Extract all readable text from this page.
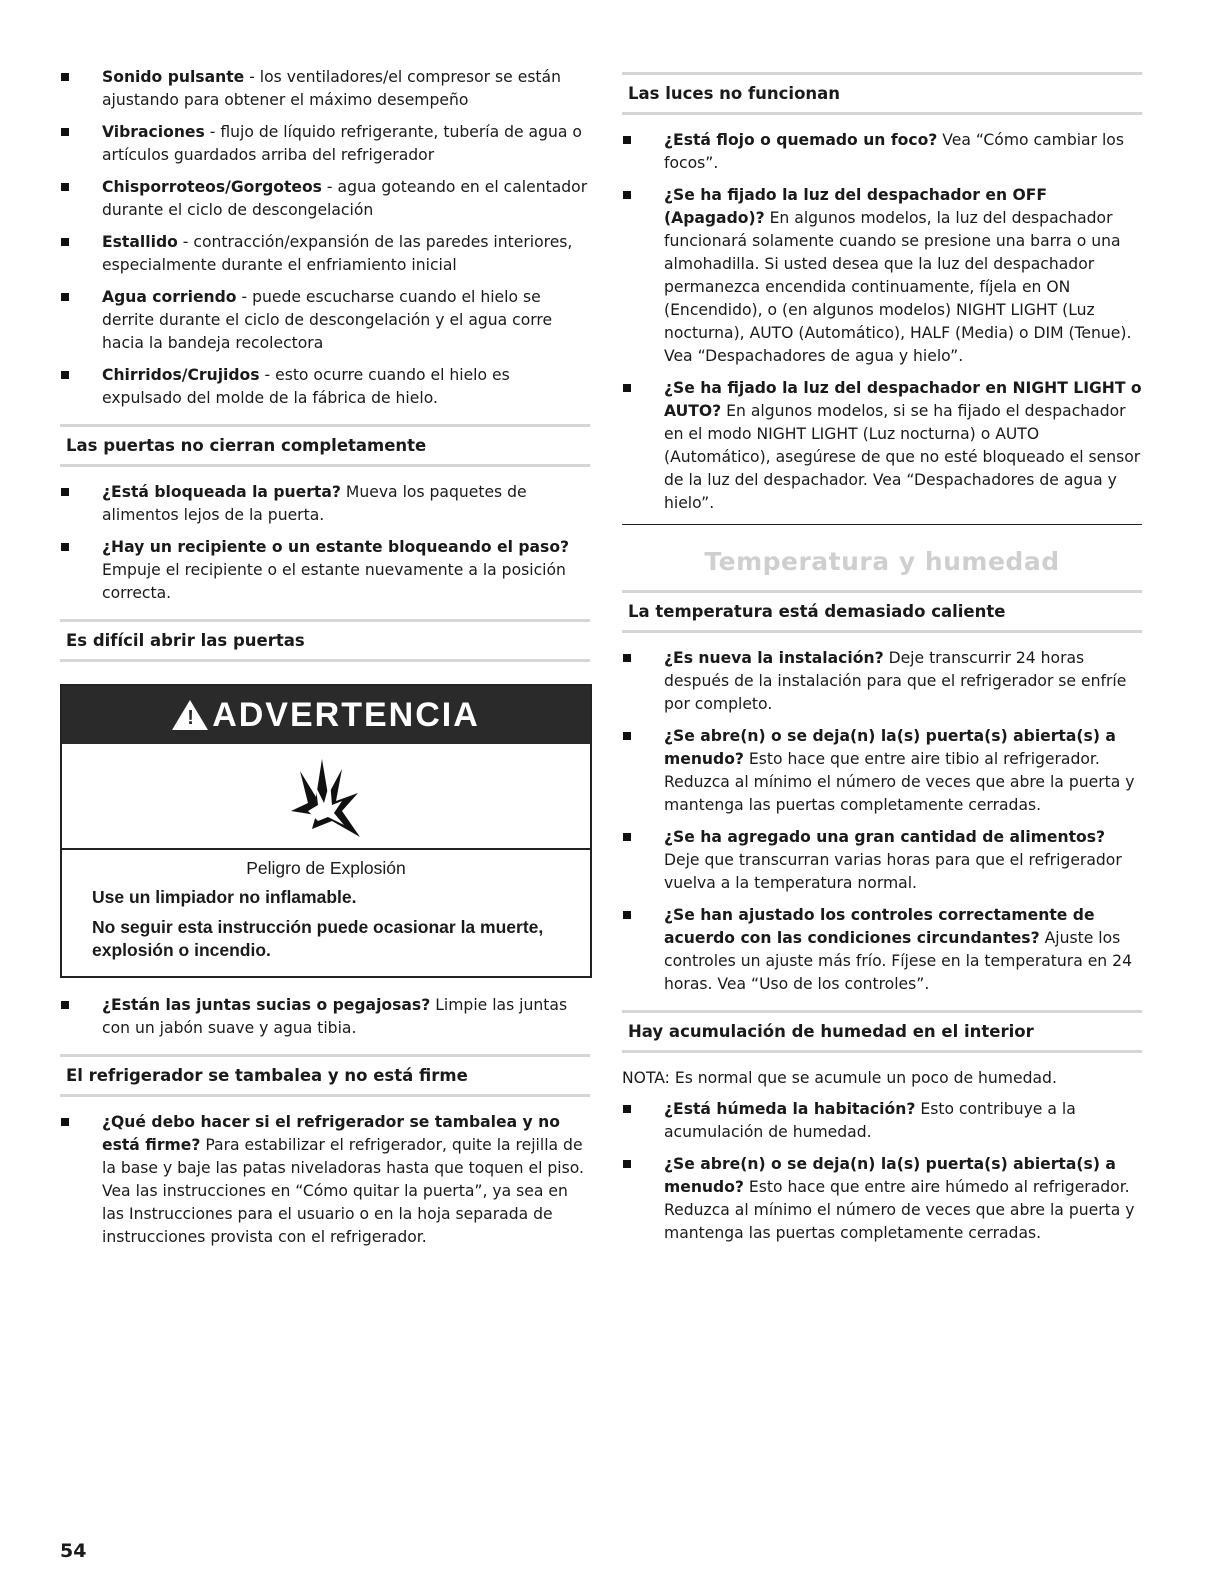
Sonido pulsante - los ventiladores/el compresor se están ajustando para obtener el máximo desempeño
Vibraciones - flujo de líquido refrigerante, tubería de agua o artículos guardados arriba del refrigerador
Chisporroteos/Gorgoteos - agua goteando en el calentador durante el ciclo de descongelación
Estallido - contracción/expansión de las paredes interiores, especialmente durante el enfriamiento inicial
Agua corriendo - puede escucharse cuando el hielo se derrite durante el ciclo de descongelación y el agua corre hacia la bandeja recolectora
Chirridos/Crujidos - esto ocurre cuando el hielo es expulsado del molde de la fábrica de hielo.
Las puertas no cierran completamente
¿Está bloqueada la puerta? Mueva los paquetes de alimentos lejos de la puerta.
¿Hay un recipiente o un estante bloqueando el paso? Empuje el recipiente o el estante nuevamente a la posición correcta.
Es difícil abrir las puertas
! ADVERTENCIA
Peligro de Explosión
Use un limpiador no inflamable.
No seguir esta instrucción puede ocasionar la muerte, explosión o incendio.
¿Están las juntas sucias o pegajosas? Limpie las juntas con un jabón suave y agua tibia.
El refrigerador se tambalea y no está firme
¿Qué debo hacer si el refrigerador se tambalea y no está firme? Para estabilizar el refrigerador, quite la rejilla de la base y baje las patas niveladoras hasta que toquen el piso. Vea las instrucciones en “Cómo quitar la puerta”, ya sea en las Instrucciones para el usuario o en la hoja separada de instrucciones provista con el refrigerador.
Las luces no funcionan
¿Está flojo o quemado un foco? Vea “Cómo cambiar los focos”.
¿Se ha fijado la luz del despachador en OFF (Apagado)? En algunos modelos, la luz del despachador funcionará solamente cuando se presione una barra o una almohadilla. Si usted desea que la luz del despachador permanezca encendida continuamente, fíjela en ON (Encendido), o (en algunos modelos) NIGHT LIGHT (Luz nocturna), AUTO (Automático), HALF (Media) o DIM (Tenue). Vea “Despachadores de agua y hielo”.
¿Se ha fijado la luz del despachador en NIGHT LIGHT o AUTO? En algunos modelos, si se ha fijado el despachador en el modo NIGHT LIGHT (Luz nocturna) o AUTO (Automático), asegúrese de que no esté bloqueado el sensor de la luz del despachador. Vea “Despachadores de agua y hielo”.
Temperatura y humedad
La temperatura está demasiado caliente
¿Es nueva la instalación? Deje transcurrir 24 horas después de la instalación para que el refrigerador se enfríe por completo.
¿Se abre(n) o se deja(n) la(s) puerta(s) abierta(s) a menudo? Esto hace que entre aire tibio al refrigerador. Reduzca al mínimo el número de veces que abre la puerta y mantenga las puertas completamente cerradas.
¿Se ha agregado una gran cantidad de alimentos? Deje que transcurran varias horas para que el refrigerador vuelva a la temperatura normal.
¿Se han ajustado los controles correctamente de acuerdo con las condiciones circundantes? Ajuste los controles un ajuste más frío. Fíjese en la temperatura en 24 horas. Vea “Uso de los controles”.
Hay acumulación de humedad en el interior
NOTA: Es normal que se acumule un poco de humedad.
¿Está húmeda la habitación? Esto contribuye a la acumulación de humedad.
¿Se abre(n) o se deja(n) la(s) puerta(s) abierta(s) a menudo? Esto hace que entre aire húmedo al refrigerador. Reduzca al mínimo el número de veces que abre la puerta y mantenga las puertas completamente cerradas.
54
